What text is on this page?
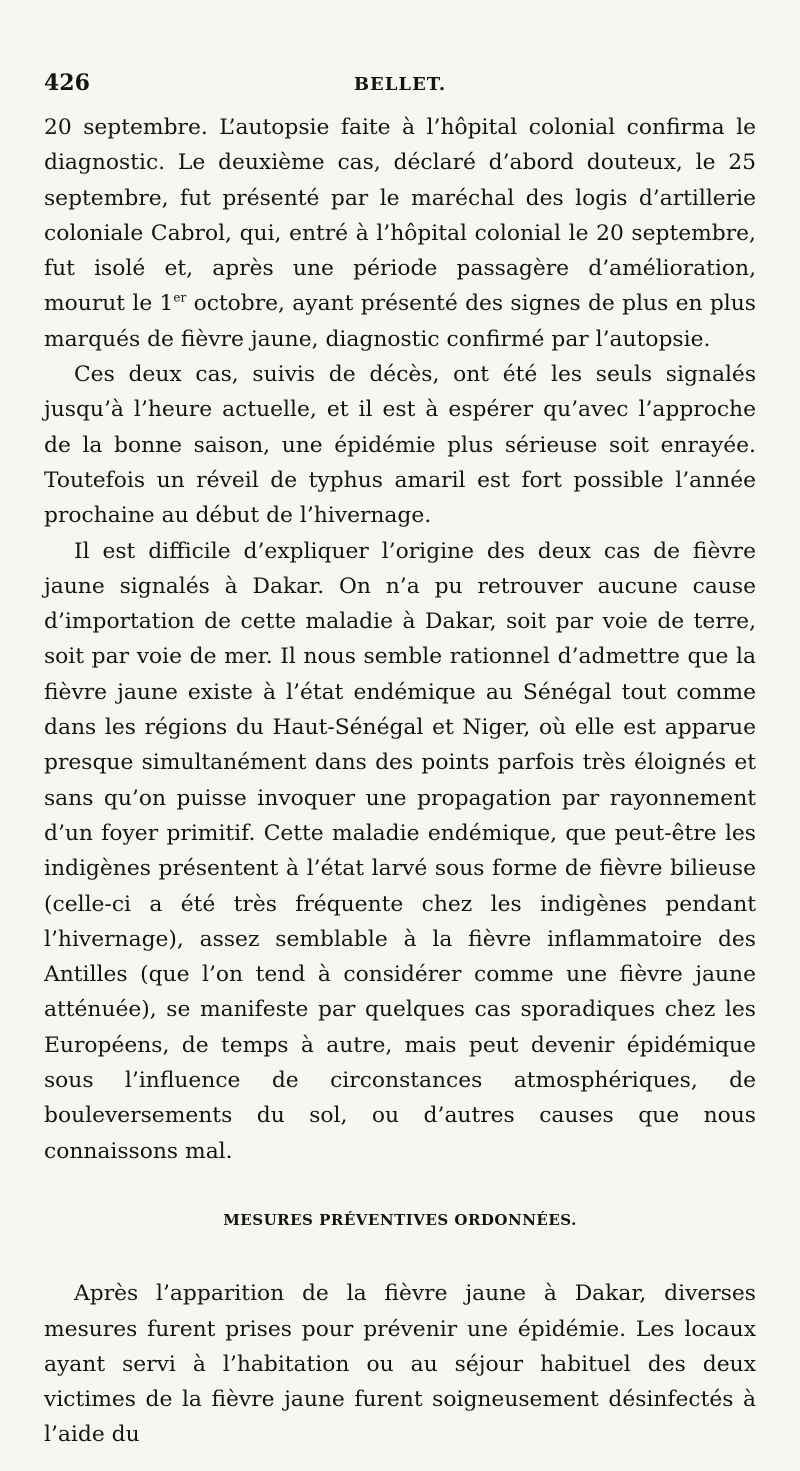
426	BELLET.

20 septembre. L’autopsie faite à l’hôpital colonial confirma le diagnostic. Le deuxième cas, déclaré d’abord douteux, le 25 septembre, fut présenté par le maréchal des logis d’artillerie coloniale Cabrol, qui, entré à l’hôpital colonial le 20 septembre, fut isolé et, après une période passagère d’amélioration, mourut le 1er octobre, ayant présenté des signes de plus en plus marqués de fièvre jaune, diagnostic confirmé par l’autopsie.

Ces deux cas, suivis de décès, ont été les seuls signalés jusqu’à l’heure actuelle, et il est à espérer qu’avec l’approche de la bonne saison, une épidémie plus sérieuse soit enrayée. Toutefois un réveil de typhus amaril est fort possible l’année prochaine au début de l’hivernage.

Il est difficile d’expliquer l’origine des deux cas de fièvre jaune signalés à Dakar. On n’a pu retrouver aucune cause d’importation de cette maladie à Dakar, soit par voie de terre, soit par voie de mer. Il nous semble rationnel d’admettre que la fièvre jaune existe à l’état endémique au Sénégal tout comme dans les régions du Haut-Sénégal et Niger, où elle est apparue presque simultanément dans des points parfois très éloignés et sans qu’on puisse invoquer une propagation par rayonnement d’un foyer primitif. Cette maladie endémique, que peut-être les indigènes présentent à l’état larvé sous forme de fièvre bilieuse (celle-ci a été très fréquente chez les indigènes pendant l’hivernage), assez semblable à la fièvre inflammatoire des Antilles (que l’on tend à considérer comme une fièvre jaune atténuée), se manifeste par quelques cas sporadiques chez les Européens, de temps à autre, mais peut devenir épidémique sous l’influence de circonstances atmosphériques, de bouleversements du sol, ou d’autres causes que nous connaissons mal.

MESURES PRÉVENTIVES ORDONNÉES.

Après l’apparition de la fièvre jaune à Dakar, diverses mesures furent prises pour prévenir une épidémie. Les locaux ayant servi à l’habitation ou au séjour habituel des deux victimes de la fièvre jaune furent soigneusement désinfectés à l’aide du
